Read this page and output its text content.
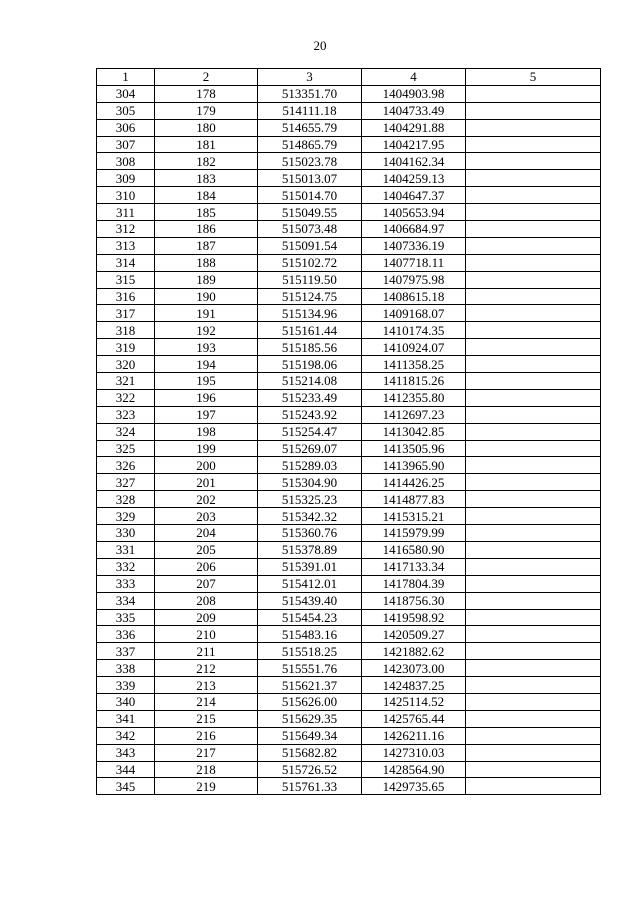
20
1	2	3	4	5
304	178	513351.70	1404903.98	
305	179	514111.18	1404733.49	
306	180	514655.79	1404291.88	
307	181	514865.79	1404217.95	
308	182	515023.78	1404162.34	
309	183	515013.07	1404259.13	
310	184	515014.70	1404647.37	
311	185	515049.55	1405653.94	
312	186	515073.48	1406684.97	
313	187	515091.54	1407336.19	
314	188	515102.72	1407718.11	
315	189	515119.50	1407975.98	
316	190	515124.75	1408615.18	
317	191	515134.96	1409168.07	
318	192	515161.44	1410174.35	
319	193	515185.56	1410924.07	
320	194	515198.06	1411358.25	
321	195	515214.08	1411815.26	
322	196	515233.49	1412355.80	
323	197	515243.92	1412697.23	
324	198	515254.47	1413042.85	
325	199	515269.07	1413505.96	
326	200	515289.03	1413965.90	
327	201	515304.90	1414426.25	
328	202	515325.23	1414877.83	
329	203	515342.32	1415315.21	
330	204	515360.76	1415979.99	
331	205	515378.89	1416580.90	
332	206	515391.01	1417133.34	
333	207	515412.01	1417804.39	
334	208	515439.40	1418756.30	
335	209	515454.23	1419598.92	
336	210	515483.16	1420509.27	
337	211	515518.25	1421882.62	
338	212	515551.76	1423073.00	
339	213	515621.37	1424837.25	
340	214	515626.00	1425114.52	
341	215	515629.35	1425765.44	
342	216	515649.34	1426211.16	
343	217	515682.82	1427310.03	
344	218	515726.52	1428564.90	
345	219	515761.33	1429735.65	
